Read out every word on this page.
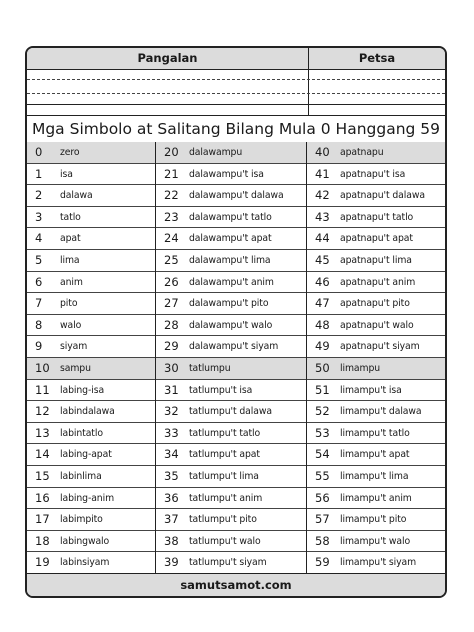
Pangalan	Petsa
Mga Simbolo at Salitang Bilang Mula 0 Hanggang 59
0 zero
1 isa
2 dalawa
3 tatlo
4 apat
5 lima
6 anim
7 pito
8 walo
9 siyam
10 sampu
11 labing-isa
12 labindalawa
13 labintatlo
14 labing-apat
15 labinlima
16 labing-anim
17 labimpito
18 labingwalo
19 labinsiyam
20 dalawampu
21 dalawampu't isa
22 dalawampu't dalawa
23 dalawampu't tatlo
24 dalawampu't apat
25 dalawampu't lima
26 dalawampu't anim
27 dalawampu't pito
28 dalawampu't walo
29 dalawampu't siyam
30 tatlumpu
31 tatlumpu't isa
32 tatlumpu't dalawa
33 tatlumpu't tatlo
34 tatlumpu't apat
35 tatlumpu't lima
36 tatlumpu't anim
37 tatlumpu't pito
38 tatlumpu't walo
39 tatlumpu't siyam
40 apatnapu
41 apatnapu't isa
42 apatnapu't dalawa
43 apatnapu't tatlo
44 apatnapu't apat
45 apatnapu't lima
46 apatnapu't anim
47 apatnapu't pito
48 apatnapu't walo
49 apatnapu't siyam
50 limampu
51 limampu't isa
52 limampu't dalawa
53 limampu't tatlo
54 limampu't apat
55 limampu't lima
56 limampu't anim
57 limampu't pito
58 limampu't walo
59 limampu't siyam
samutsamot.com
